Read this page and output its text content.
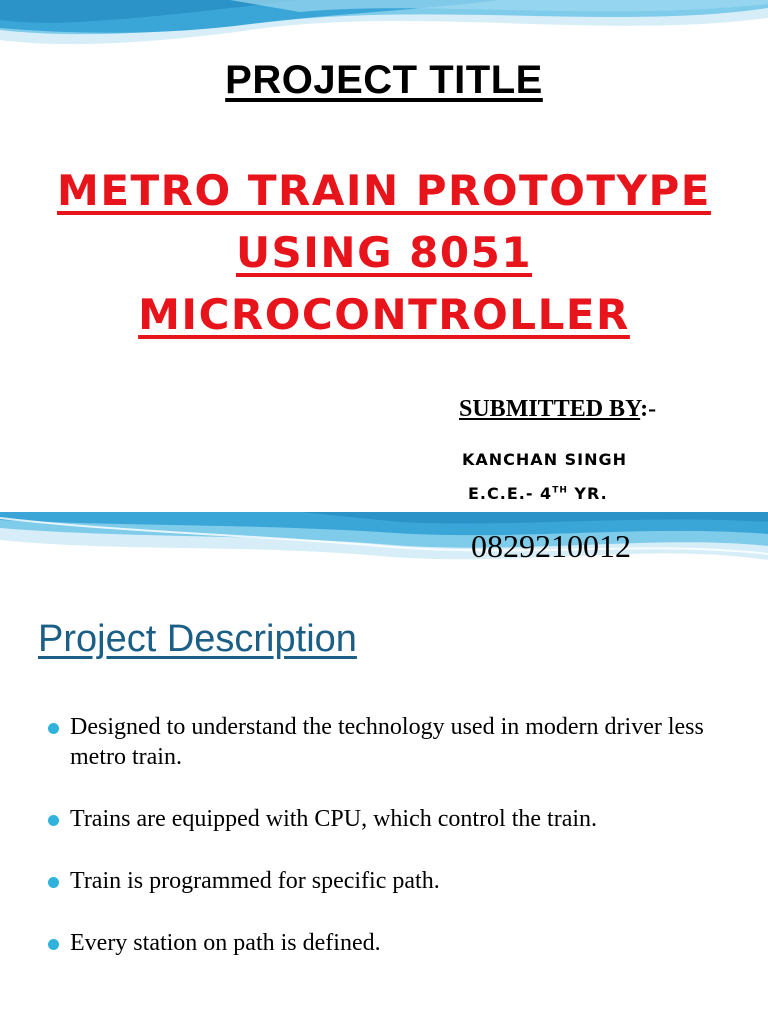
PROJECT TITLE
METRO TRAIN PROTOTYPE
USING 8051
MICROCONTROLLER
SUBMITTED BY:-
KANCHAN SINGH
E.C.E.- 4TH YR.
0829210012
Project Description
Designed to understand the technology used in modern driver less metro train.
Trains are equipped with CPU, which control the train.
Train is programmed for specific path.
Every station on path is defined.
